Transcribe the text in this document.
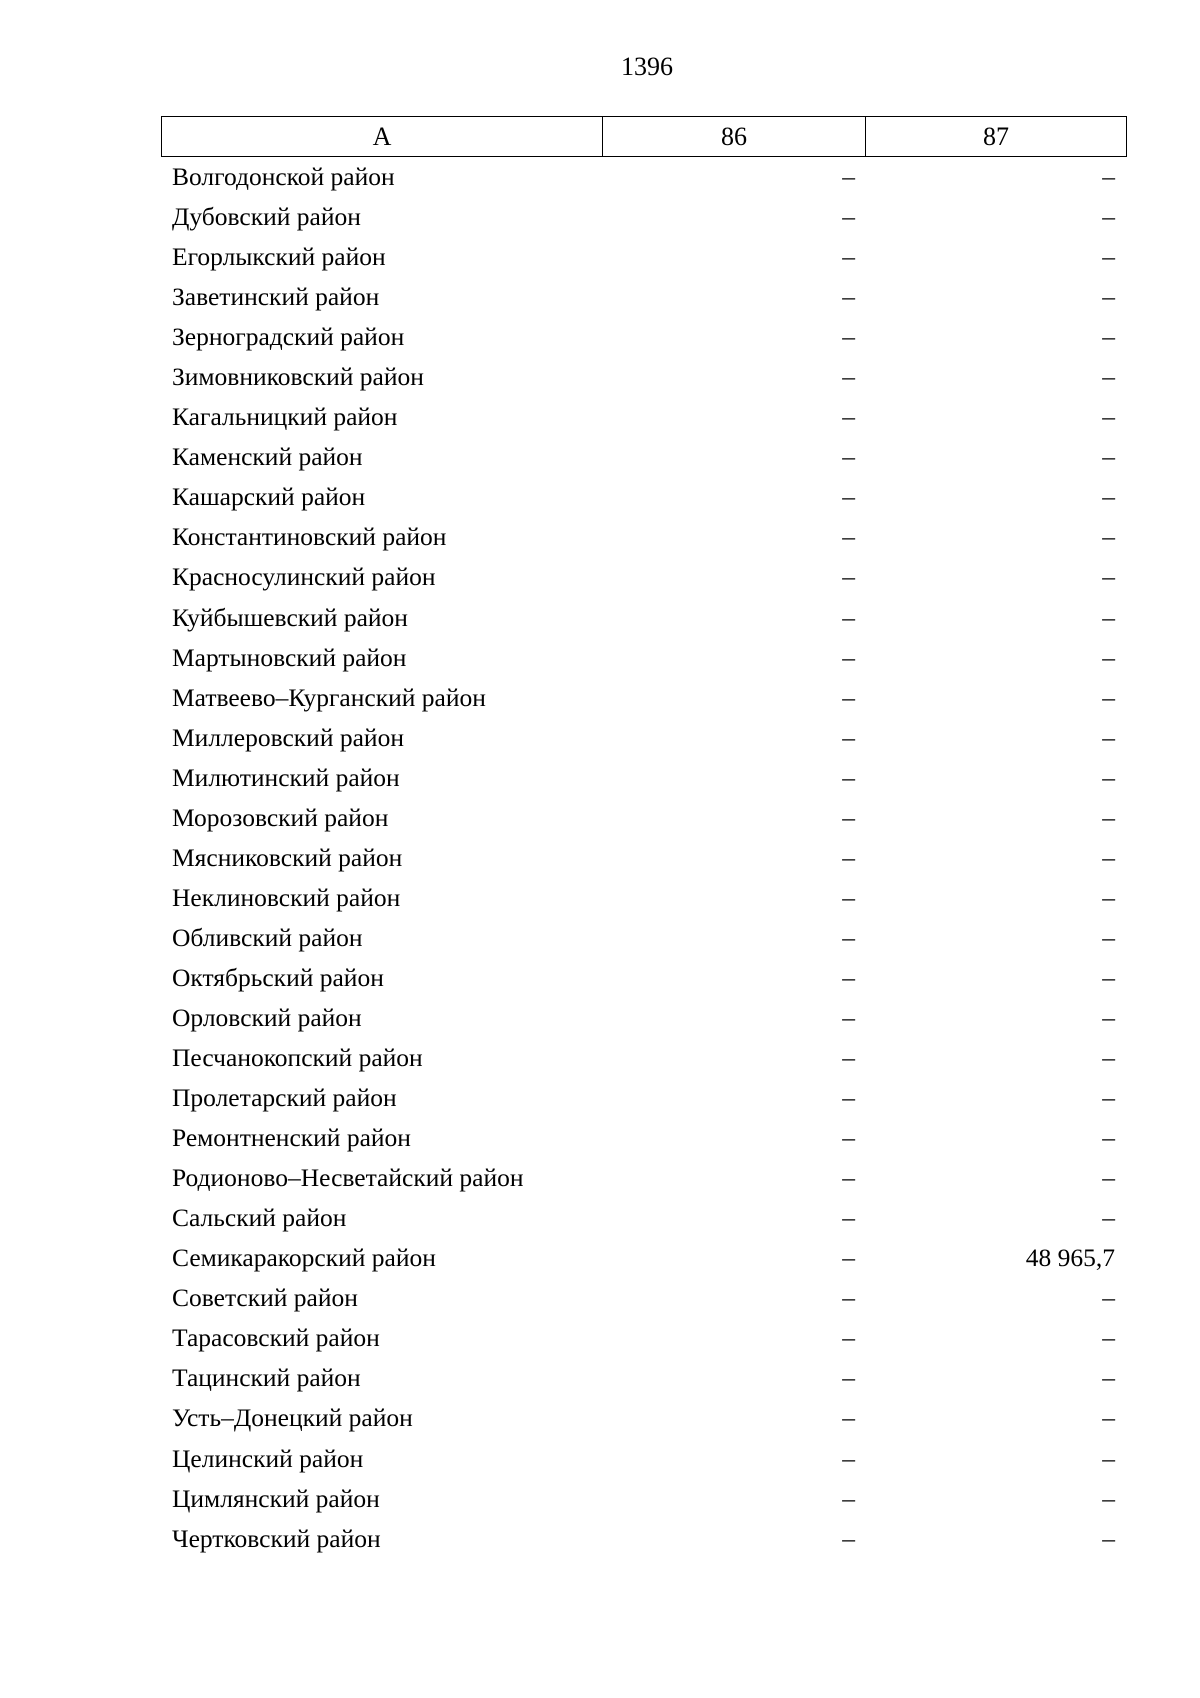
1396
А	86	87
Волгодонской район	–	–
Дубовский район	–	–
Егорлыкский район	–	–
Заветинский район	–	–
Зерноградский район	–	–
Зимовниковский район	–	–
Кагальницкий район	–	–
Каменский район	–	–
Кашарский район	–	–
Константиновский район	–	–
Красносулинский район	–	–
Куйбышевский район	–	–
Мартыновский район	–	–
Матвеево–Курганский район	–	–
Миллеровский район	–	–
Милютинский район	–	–
Морозовский район	–	–
Мясниковский район	–	–
Неклиновский район	–	–
Обливский район	–	–
Октябрьский район	–	–
Орловский район	–	–
Песчанокопский район	–	–
Пролетарский район	–	–
Ремонтненский район	–	–
Родионово–Несветайский район	–	–
Сальский район	–	–
Семикаракорский район	–	48 965,7
Советский район	–	–
Тарасовский район	–	–
Тацинский район	–	–
Усть–Донецкий район	–	–
Целинский район	–	–
Цимлянский район	–	–
Чертковский район	–	–
